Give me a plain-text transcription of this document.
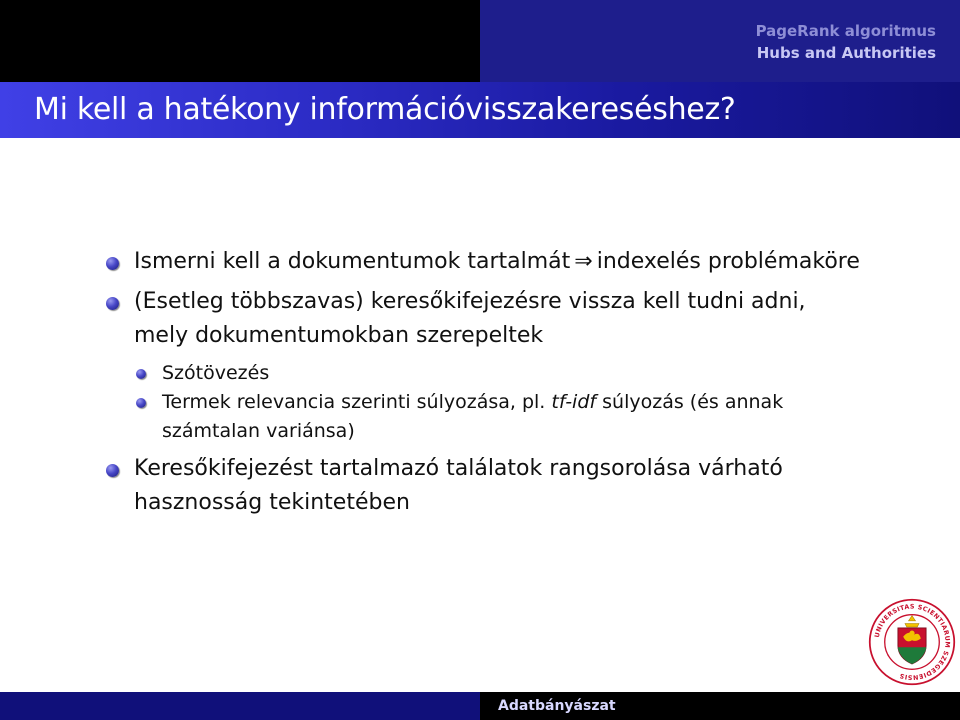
PageRank algoritmus
Hubs and Authorities
Mi kell a hatékony információvisszakereséshez?
Ismerni kell a dokumentumok tartalmát ⇒ indexelés problémaköre
(Esetleg többszavas) keresőkifejezésre vissza kell tudni adni, mely dokumentumokban szerepeltek
Szótövezés
Termek relevancia szerinti súlyozása, pl. tf-idf súlyozás (és annak számtalan variánsa)
Keresőkifejezést tartalmazó találatok rangsorolása várható hasznosság tekintetében
UNIVERSITAS SCIENTIARUM SZEGEDIENSIS
Adatbányászat
